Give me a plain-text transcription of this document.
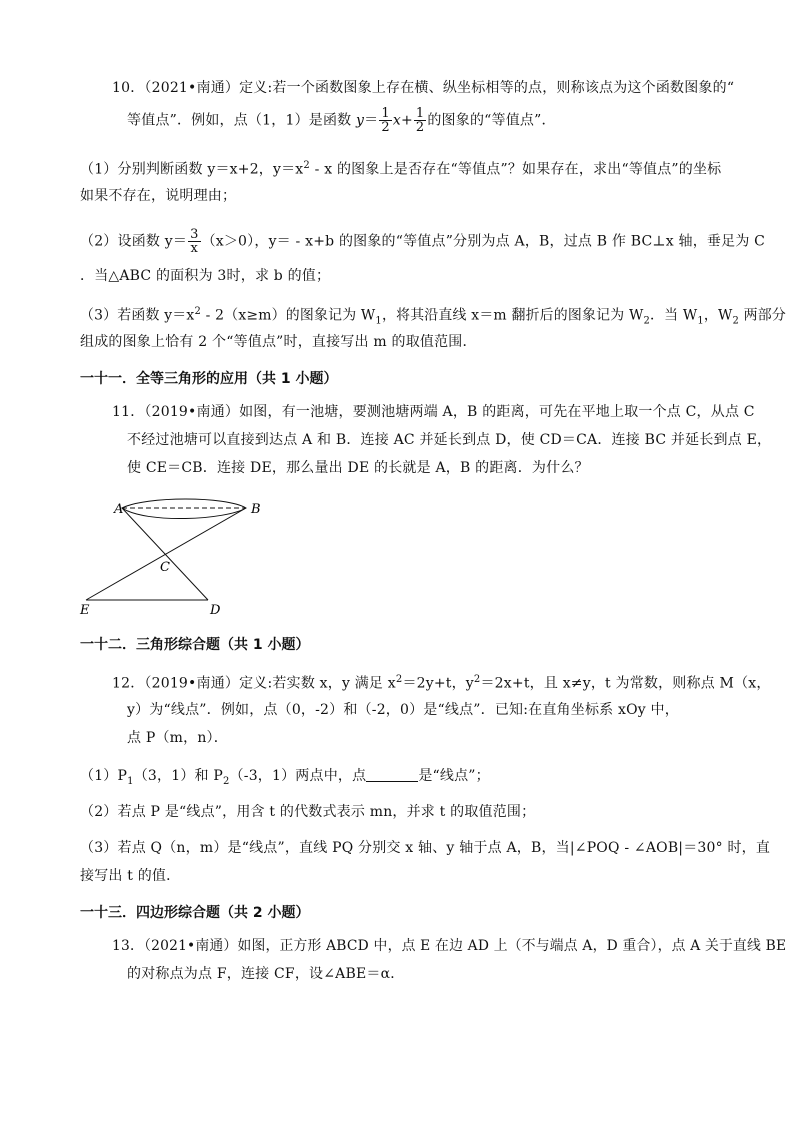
10．（2021•南通）定义:若一个函数图象上存在横、纵坐标相等的点，则称该点为这个函数图象的“
等值点”．例如，点（1，1）是函数 $y= \frac{1}{2} x+ \frac{1}{2}$ 的图象的“等值点”．
（1）分别判断函数 y＝x+2，$y=x^2 - x$ 的图象上是否存在“等值点”？如果存在，求出“等值点”的坐标
如果不存在，说明理由；
（2）设函数 $y= \frac{3}{x} (x>0)$，y＝ - x+b 的图象的“等值点”分别为点 A，B，过点 B 作 BC⊥x 轴，垂足为 C
．当△ABC 的面积为 3时，求 b 的值；
（3）若函数 $y=x^2 - 2(x\ge m)$的图象记为 $W_1$，将其沿直线 x＝m 翻折后的图象记为 $W_2$．当 $W_1$，$W_2$ 两部分
组成的图象上恰有 2 个“等值点”时，直接写出 m 的取值范围．
一十一．全等三角形的应用（共 1 小题）
11．（2019•南通）如图，有一池塘，要测池塘两端 A，B 的距离，可先在平地上取一个点 C，从点 C
不经过池塘可以直接到达点 A 和 B．连接 AC 并延长到点 D，使 CD＝CA．连接 BC 并延长到点 E，
使 CE＝CB．连接 DE，那么量出 DE 的长就是 A，B 的距离．为什么？
A	B
C
E	D
一十二．三角形综合题（共 1 小题）
12．（2019•南通）定义:若实数 x，y 满足 $x^2=2y+t$，$y^2=2x+t$，且 x≠y，t 为常数，则称点 M（x，
y）为“线点”．例如，点（0，-2）和（-2，0）是“线点”．已知:在直角坐标系 xOy 中，
点 P（m，n）．
$(1)P_1(3$，1）和 $P_2(-3$，1）两点中，点	是“线点”；
（2）若点 P 是“线点”，用含 t 的代数式表示 mn，并求 t 的取值范围；
（3）若点 Q（n，m）是“线点”，直线 PQ 分别交 x 轴、y 轴于点 A，B，当|∠POQ - ∠AOB|＝30° 时，直
接写出 t 的值．
一十三．四边形综合题（共 2 小题）
13．（2021•南通）如图，正方形 ABCD 中，点 E 在边 AD 上（不与端点 A，D 重合），点 A 关于直线 BE
的对称点为点 F，连接 CF，设∠ABE＝α．
